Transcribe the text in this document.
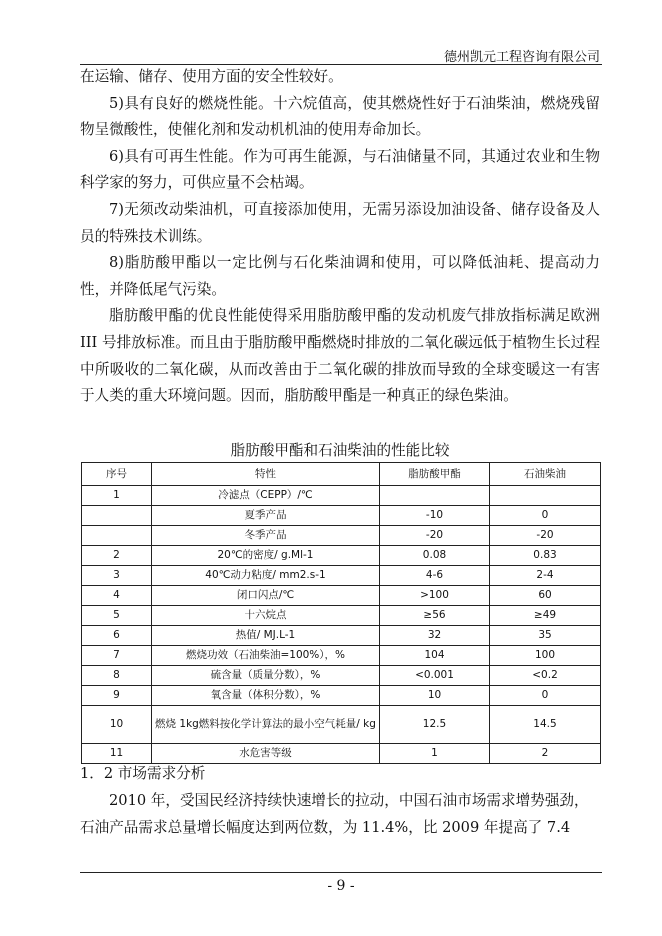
德州凯元工程咨询有限公司

在运输、储存、使用方面的安全性较好。

5)具有良好的燃烧性能。十六烷值高，使其燃烧性好于石油柴油，燃烧残留物呈微酸性，使催化剂和发动机机油的使用寿命加长。

6)具有可再生性能。作为可再生能源，与石油储量不同，其通过农业和生物科学家的努力，可供应量不会枯竭。

7)无须改动柴油机，可直接添加使用，无需另添设加油设备、储存设备及人员的特殊技术训练。

8)脂肪酸甲酯以一定比例与石化柴油调和使用，可以降低油耗、提高动力性，并降低尾气污染。

脂肪酸甲酯的优良性能使得采用脂肪酸甲酯的发动机废气排放指标满足欧洲 III 号排放标准。而且由于脂肪酸甲酯燃烧时排放的二氧化碳远低于植物生长过程中所吸收的二氧化碳，从而改善由于二氧化碳的排放而导致的全球变暖这一有害于人类的重大环境问题。因而，脂肪酸甲酯是一种真正的绿色柴油。

脂肪酸甲酯和石油柴油的性能比较
序号	特性	脂肪酸甲酯	石油柴油
1	冷滤点（CEPP）/℃		
	夏季产品	-10	0
	冬季产品	-20	-20
2	20℃的密度/ g.Ml-1	0.08	0.83
3	40℃动力粘度/ mm2.s-1	4-6	2-4
4	闭口闪点/℃	>100	60
5	十六烷点	≥56	≥49
6	热值/ MJ.L-1	32	35
7	燃烧功效（石油柴油=100%），%	104	100
8	硫含量（质量分数），%	<0.001	<0.2
9	氧含量（体积分数），%	10	0
10	燃烧 1kg燃料按化学计算法的最小空气耗量/ kg	12.5	14.5
11	水危害等级	1	2
1．2 市场需求分析

2010 年，受国民经济持续快速增长的拉动，中国石油市场需求增势强劲，石油产品需求总量增长幅度达到两位数，为 11.4%，比 2009 年提高了 7.4

- 9 -
